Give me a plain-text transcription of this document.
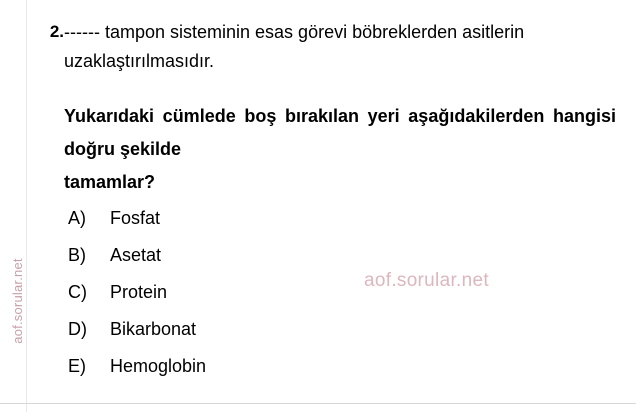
aof.sorular.net
2. ------ tampon sisteminin esas görevi böbreklerden asitlerin uzaklaştırılmasıdır.
Yukarıdaki cümlede boş bırakılan yeri aşağıdakilerden hangisi doğru şekilde
tamamlar?
A)	Fosfat
B)	Asetat
C)	Protein
D)	Bikarbonat
E)	Hemoglobin
aof.sorular.net
